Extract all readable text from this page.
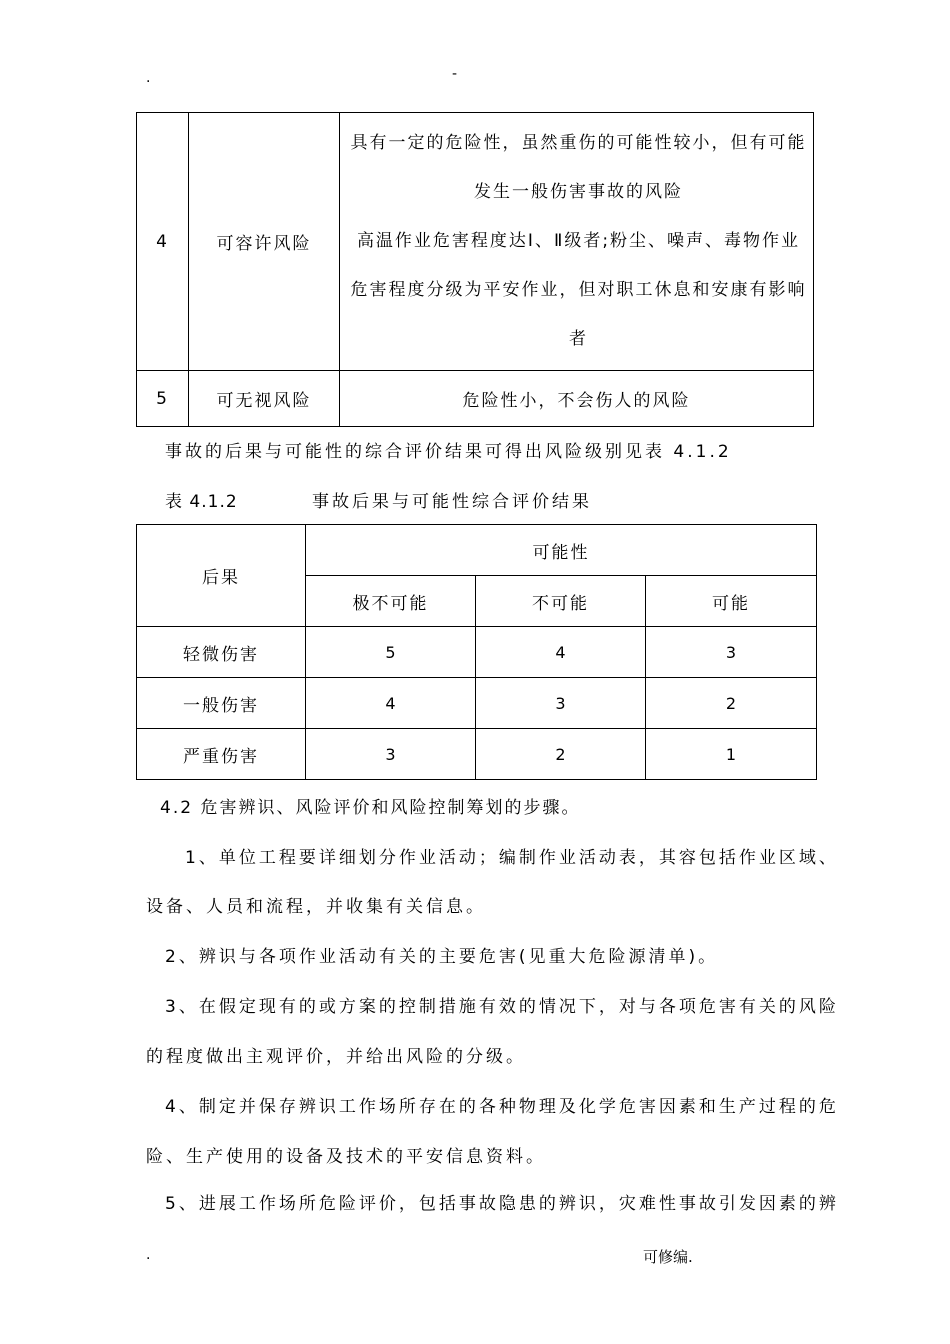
.	-
4	可容许风险	具有一定的危险性，虽然重伤的可能性较小，但有可能
发生一般伤害事故的风险
高温作业危害程度达Ⅰ、Ⅱ级者;粉尘、噪声、毒物作业
危害程度分级为平安作业，但对职工休息和安康有影响
者

5	可无视风险	危险性小，不会伤人的风险
事故的后果与可能性的综合评价结果可得出风险级别见表 4.1.2
表 4.1.2	事故后果与可能性综合评价结果
后果	可能性		
	极不可能	不可能	可能
轻微伤害	5	4	3
一般伤害	4	3	2
严重伤害	3	2	1
4.2 危害辨识、风险评价和风险控制筹划的步骤。
1、单位工程要详细划分作业活动；编制作业活动表，其容包括作业区域、
设备、人员和流程，并收集有关信息。
2、辨识与各项作业活动有关的主要危害(见重大危险源清单)。
3、在假定现有的或方案的控制措施有效的情况下，对与各项危害有关的风险
的程度做出主观评价，并给出风险的分级。
4、制定并保存辨识工作场所存在的各种物理及化学危害因素和生产过程的危
险、生产使用的设备及技术的平安信息资料。
5、进展工作场所危险评价，包括事故隐患的辨识，灾难性事故引发因素的辨
.	可修编.
